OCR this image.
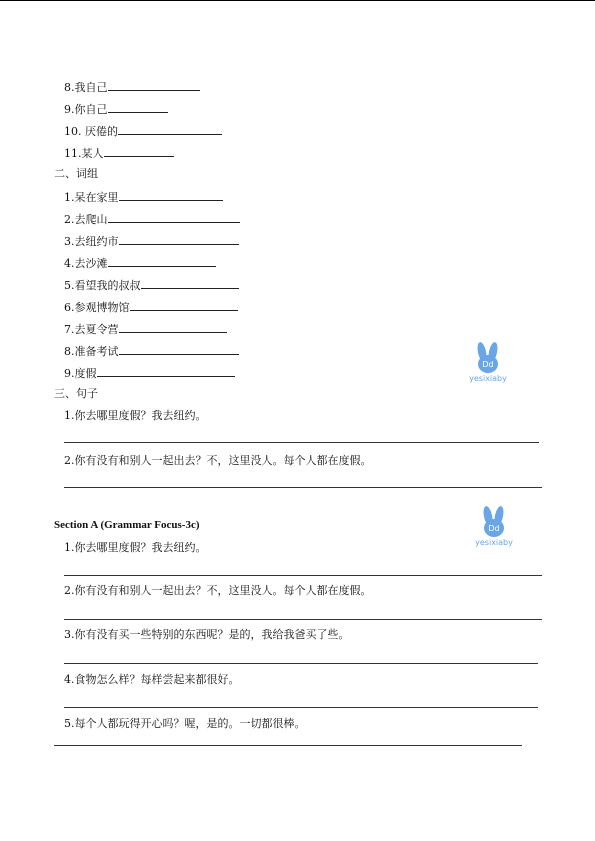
8.我自己
9.你自己
10. 厌倦的
11.某人
二、词组
1.呆在家里
2.去爬山
3.去纽约市
4.去沙滩
5.看望我的叔叔
6.参观博物馆
7.去夏令营
8.准备考试
9.度假
Dd
yesixiaby
三、句子
1.你去哪里度假？我去纽约。
2.你有没有和别人一起出去？不，这里没人。每个人都在度假。
Section A (Grammar Focus-3c)	Dd
yesixiaby
1.你去哪里度假？我去纽约。
2.你有没有和别人一起出去？不，这里没人。每个人都在度假。
3.你有没有买一些特别的东西呢？是的，我给我爸买了些。
4.食物怎么样？每样尝起来都很好。
5.每个人都玩得开心吗？喔，是的。一切都很棒。
